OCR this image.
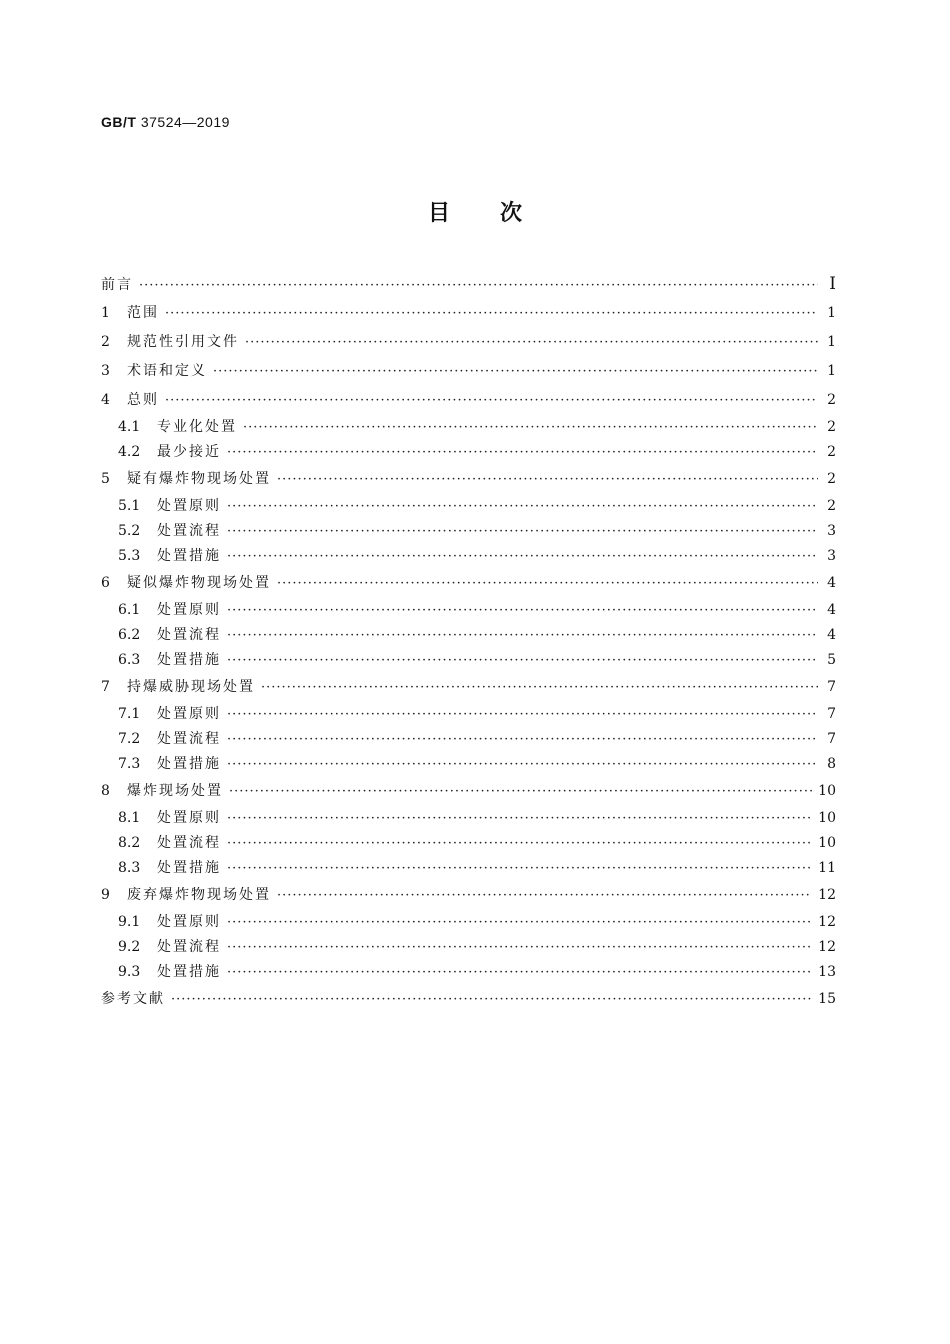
GB/T 37524—2019
目次
前言 ·····	Ⅰ
1	范围 ·····	1
2	规范性引用文件 ·····	1
3	术语和定义 ·····	1
4	总则 ·····	2
4.1	专业化处置 ·····	2
4.2	最少接近 ·····	2
5	疑有爆炸物现场处置 ·····	2
5.1	处置原则 ·····	2
5.2	处置流程 ·····	3
5.3	处置措施 ·····	3
6	疑似爆炸物现场处置 ·····	4
6.1	处置原则 ·····	4
6.2	处置流程 ·····	4
6.3	处置措施 ·····	5
7	持爆威胁现场处置 ·····	7
7.1	处置原则 ·····	7
7.2	处置流程 ·····	7
7.3	处置措施 ·····	8
8	爆炸现场处置 ·····	10
8.1	处置原则 ·····	10
8.2	处置流程 ·····	10
8.3	处置措施 ·····	11
9	废弃爆炸物现场处置 ·····	12
9.1	处置原则 ·····	12
9.2	处置流程 ·····	12
9.3	处置措施 ·····	13
参考文献 ·····	15
